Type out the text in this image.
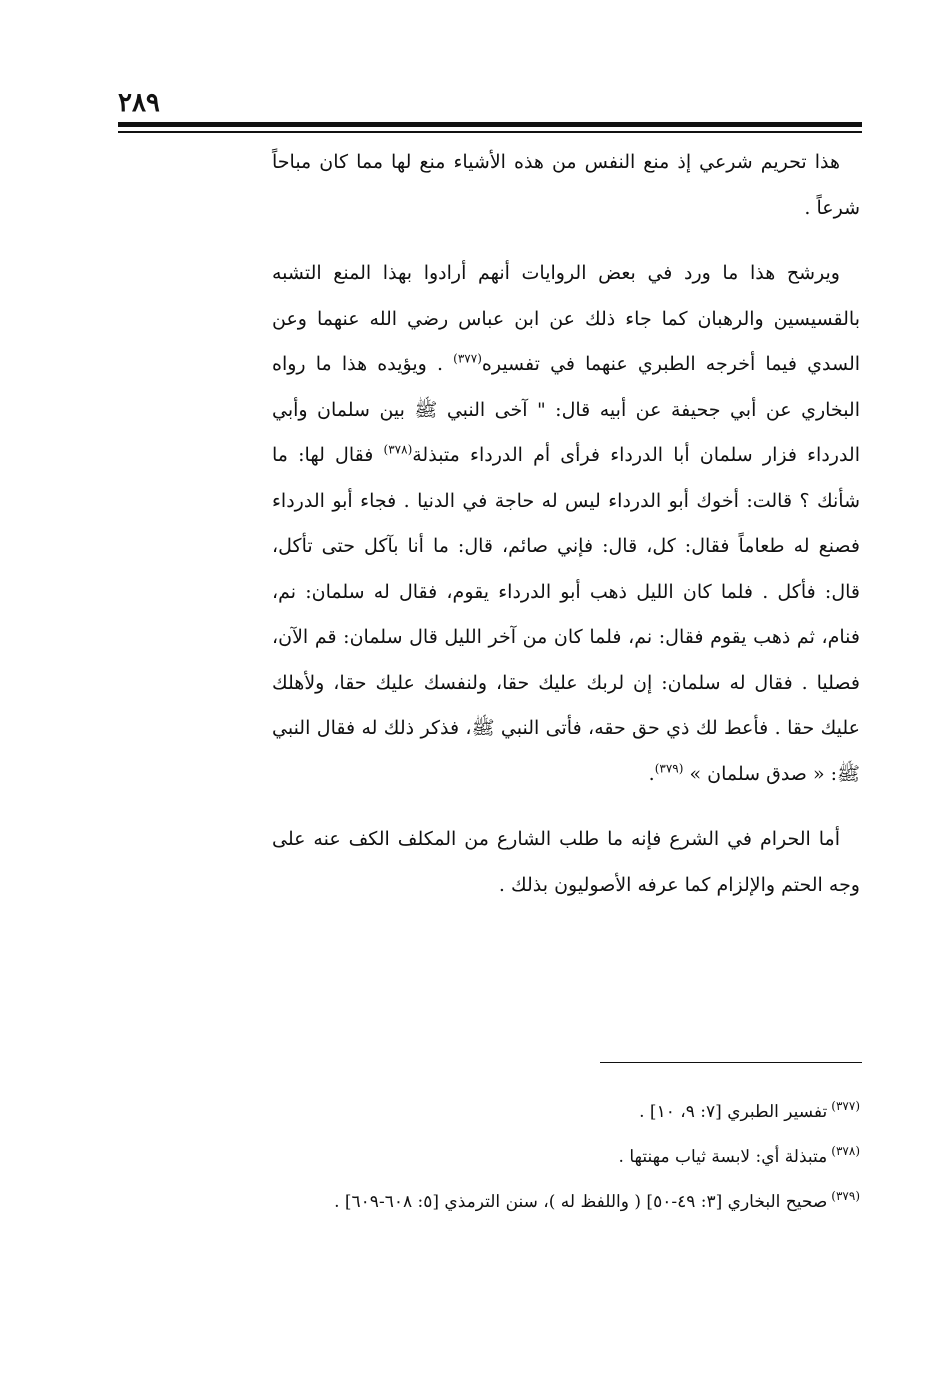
٢٨٩

هذا تحريم شرعي إذ منع النفس من هذه الأشياء منع لها مما كان مباحاً شرعاً .

ويرشح هذا ما ورد في بعض الروايات أنهم أرادوا بهذا المنع التشبه بالقسيسين والرهبان كما جاء ذلك عن ابن عباس رضي الله عنهما وعن السدي فيما أخرجه الطبري عنهما في تفسيره$^{(٣٧٧)}$ . ويؤيده هذا ما رواه البخاري عن أبي جحيفة عن أبيه قال: " آخى النبي ﷺ بين سلمان وأبي الدرداء فزار سلمان أبا الدرداء فرأى أم الدرداء متبذلة$^{(٣٧٨)}$ فقال لها: ما شأنك ؟ قالت: أخوك أبو الدرداء ليس له حاجة في الدنيا . فجاء أبو الدرداء فصنع له طعاماً فقال: كل، قال: فإني صائم، قال: ما أنا بآكل حتى تأكل، قال: فأكل . فلما كان الليل ذهب أبو الدرداء يقوم، فقال له سلمان: نم، فنام، ثم ذهب يقوم فقال: نم، فلما كان من آخر الليل قال سلمان: قم الآن، فصليا . فقال له سلمان: إن لربك عليك حقا، ولنفسك عليك حقا، ولأهلك عليك حقا . فأعط لك ذي حق حقه، فأتى النبي ﷺ، فذكر ذلك له فقال النبي ﷺ: « صدق سلمان » $^{(٣٧٩)}$.

أما الحرام في الشرع فإنه ما طلب الشارع من المكلف الكف عنه على وجه الحتم والإلزام كما عرفه الأصوليون بذلك .

$^{(٣٧٧)}$تفسير الطبري [٧: ٩، ١٠] .

$^{(٣٧٨)}$متبذلة أي: لابسة ثياب مهنتها .

$^{(٣٧٩)}$صحيح البخاري [٣: ٤٩-٥٠] ( واللفظ له )، سنن الترمذي [٥: ٦٠٨-٦٠٩] .
